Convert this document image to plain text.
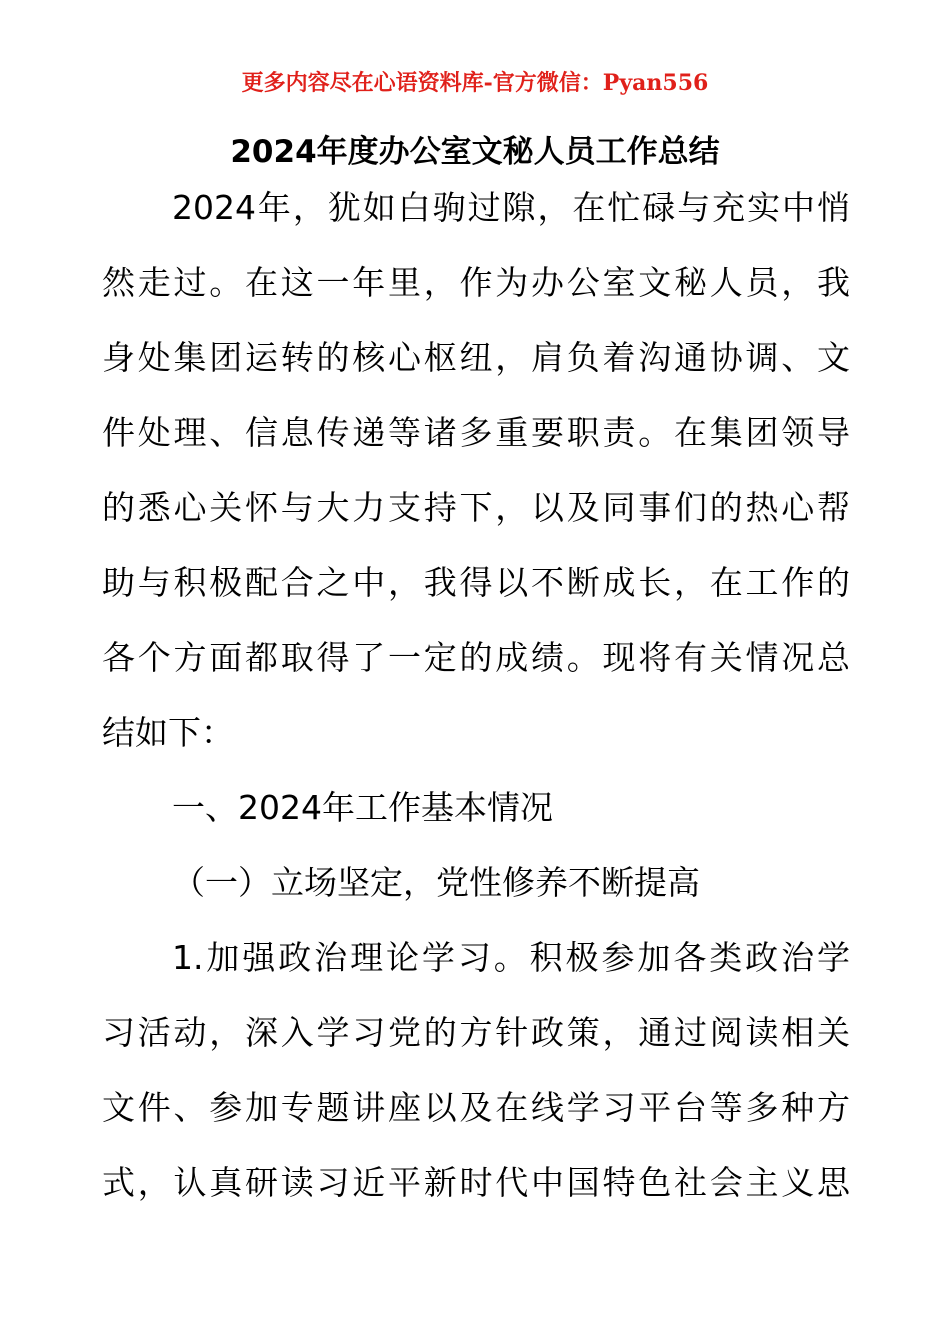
更多内容尽在心语资料库-官方微信：Pyan556
2024年度办公室文秘人员工作总结
2024年，犹如白驹过隙，在忙碌与充实中悄
然走过。在这一年里，作为办公室文秘人员，我
身处集团运转的核心枢纽，肩负着沟通协调、文
件处理、信息传递等诸多重要职责。在集团领导
的悉心关怀与大力支持下，以及同事们的热心帮
助与积极配合之中，我得以不断成长，在工作的
各个方面都取得了一定的成绩。现将有关情况总
结如下：
一、2024年工作基本情况
（一）立场坚定，党性修养不断提高
1.加强政治理论学习。积极参加各类政治学
习活动，深入学习党的方针政策，通过阅读相关
文件、参加专题讲座以及在线学习平台等多种方
式，认真研读习近平新时代中国特色社会主义思
